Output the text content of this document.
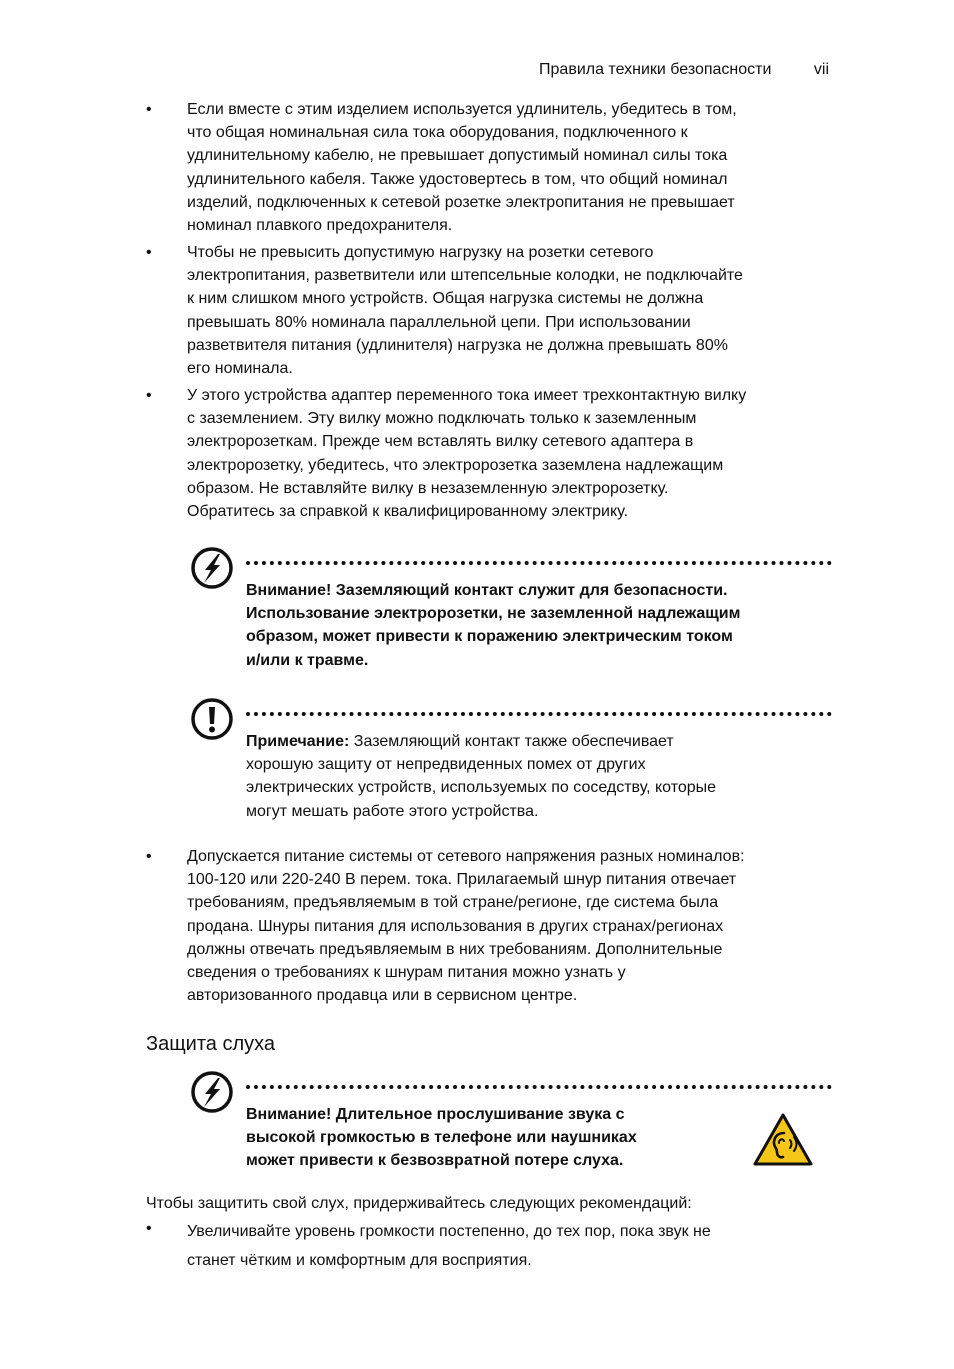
Правила техники безопасности	vii
• Если вместе с этим изделием используется удлинитель, убедитесь в том,
что общая номинальная сила тока оборудования, подключенного к
удлинительному кабелю, не превышает допустимый номинал силы тока
удлинительного кабеля. Также удостовертесь в том, что общий номинал
изделий, подключенных к сетевой розетке электропитания не превышает
номинал плавкого предохранителя.
• Чтобы не превысить допустимую нагрузку на розетки сетевого
электропитания, разветвители или штепсельные колодки, не подключайте
к ним слишком много устройств. Общая нагрузка системы не должна
превышать 80% номинала параллельной цепи. При использовании
разветвителя питания (удлинителя) нагрузка не должна превышать 80%
его номинала.
• У этого устройства адаптер переменного тока имеет трехконтактную вилку
с заземлением. Эту вилку можно подключать только к заземленным
электророзеткам. Прежде чем вставлять вилку сетевого адаптера в
электророзетку, убедитесь, что электророзетка заземлена надлежащим
образом. Не вставляйте вилку в незаземленную электророзетку.
Обратитесь за справкой к квалифицированному электрику.
Внимание! Заземляющий контакт служит для безопасности.
Использование электророзетки, не заземленной надлежащим
образом, может привести к поражению электрическим током
и/или к травме.
Примечание: Заземляющий контакт также обеспечивает
хорошую защиту от непредвиденных помех от других
электрических устройств, используемых по соседству, которые
могут мешать работе этого устройства.
• Допускается питание системы от сетевого напряжения разных номиналов:
100-120 или 220-240 В перем. тока. Прилагаемый шнур питания отвечает
требованиям, предъявляемым в той стране/регионе, где система была
продана. Шнуры питания для использования в других странах/регионах
должны отвечать предъявляемым в них требованиям. Дополнительные
сведения о требованиях к шнурам питания можно узнать у
авторизованного продавца или в сервисном центре.
Защита слуха
Внимание! Длительное прослушивание звука с
высокой громкостью в телефоне или наушниках
может привести к безвозвратной потере слуха.
Чтобы защитить свой слух, придерживайтесь следующих рекомендаций:
• Увеличивайте уровень громкости постепенно, до тех пор, пока звук не
станет чётким и комфортным для восприятия.
